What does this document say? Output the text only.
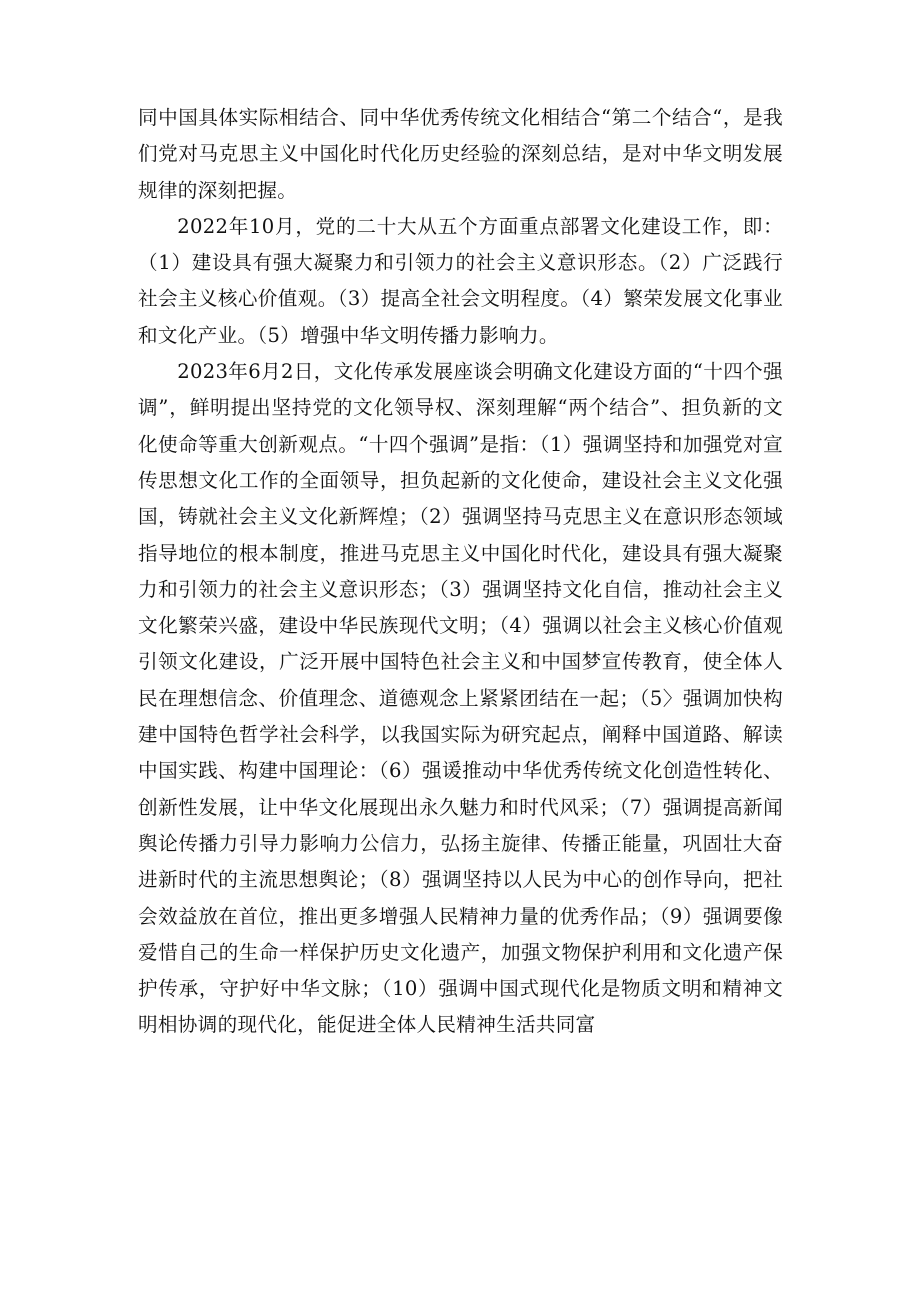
同中国具体实际相结合、同中华优秀传统文化相结合“第二个结合“，是我们党对马克思主义中国化时代化历史经验的深刻总结，是对中华文明发展规律的深刻把握。

2022年10月，党的二十大从五个方面重点部署文化建设工作，即：（1）建设具有强大凝聚力和引领力的社会主义意识形态。（2）广泛践行社会主义核心价值观。（3）提高全社会文明程度。（4）繁荣发展文化事业和文化产业。（5）增强中华文明传播力影响力。

2023年6月2日，文化传承发展座谈会明确文化建设方面的“十四个强调”，鲜明提出坚持党的文化领导权、深刻理解“两个结合”、担负新的文化使命等重大创新观点。“十四个强调”是指：（1）强调坚持和加强党对宣传思想文化工作的全面领导，担负起新的文化使命，建设社会主义文化强国，铸就社会主义文化新辉煌；（2）强调坚持马克思主义在意识形态领域指导地位的根本制度，推进马克思主义中国化时代化，建设具有强大凝聚力和引领力的社会主义意识形态；（3）强调坚持文化自信，推动社会主义文化繁荣兴盛，建设中华民族现代文明；（4）强调以社会主义核心价值观引领文化建设，广泛开展中国特色社会主义和中国梦宣传教育，使全体人民在理想信念、价值理念、道德观念上紧紧团结在一起；（5〉强调加快构建中国特色哲学社会科学，以我国实际为研究起点，阐释中国道路、解读中国实践、构建中国理论：（6）强谖推动中华优秀传统文化创造性转化、创新性发展，让中华文化展现出永久魅力和时代风采；（7）强调提高新闻舆论传播力引导力影响力公信力，弘扬主旋律、传播正能量，巩固壮大奋进新时代的主流思想舆论；（8）强调坚持以人民为中心的创作导向，把社会效益放在首位，推出更多增强人民精神力量的优秀作品；（9）强调要像爱惜自己的生命一样保护历史文化遗产，加强文物保护利用和文化遗产保护传承，守护好中华文脉；（10）强调中国式现代化是物质文明和精神文明相协调的现代化，能促进全体人民精神生活共同富
